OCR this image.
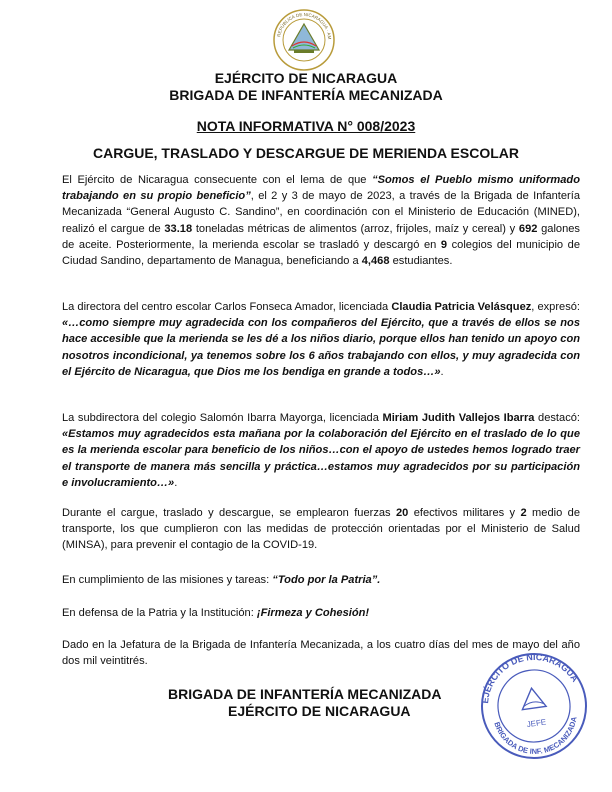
REPÚBLICA DE NICARAGUA · AM
EJÉRCITO DE NICARAGUA
BRIGADA DE INFANTERÍA MECANIZADA
NOTA INFORMATIVA N° 008/2023
CARGUE, TRASLADO Y DESCARGUE DE MERIENDA ESCOLAR

El Ejército de Nicaragua consecuente con el lema de que “Somos el Pueblo mismo uniformado trabajando en su propio beneficio”, el 2 y 3 de mayo de 2023, a través de la Brigada de Infantería Mecanizada “General Augusto C. Sandino”, en coordinación con el Ministerio de Educación (MINED), realizó el cargue de 33.18 toneladas métricas de alimentos (arroz, frijoles, maíz y cereal) y 692 galones de aceite. Posteriormente, la merienda escolar se trasladó y descargó en 9 colegios del municipio de Ciudad Sandino, departamento de Managua, beneficiando a 4,468 estudiantes.

La directora del centro escolar Carlos Fonseca Amador, licenciada Claudia Patricia Velásquez, expresó: «…como siempre muy agradecida con los compañeros del Ejército, que a través de ellos se nos hace accesible que la merienda se les dé a los niños diario, porque ellos han tenido un apoyo con nosotros incondicional, ya tenemos sobre los 6 años trabajando con ellos, y muy agradecida con el Ejército de Nicaragua, que Dios me los bendiga en grande a todos…».

La subdirectora del colegio Salomón Ibarra Mayorga, licenciada Miriam Judith Vallejos Ibarra destacó: «Estamos muy agradecidos esta mañana por la colaboración del Ejército en el traslado de lo que es la merienda escolar para beneficio de los niños…con el apoyo de ustedes hemos logrado traer el transporte de manera más sencilla y práctica…estamos muy agradecidos por su participación e involucramiento…».

Durante el cargue, traslado y descargue, se emplearon fuerzas 20 efectivos militares y 2 medio de transporte, los que cumplieron con las medidas de protección orientadas por el Ministerio de Salud (MINSA), para prevenir el contagio de la COVID-19.

En cumplimiento de las misiones y tareas: “Todo por la Patria”.

En defensa de la Patria y la Institución: ¡Firmeza y Cohesión!

Dado en la Jefatura de la Brigada de Infantería Mecanizada, a los cuatro días del mes de mayo del año dos mil veintitrés.

BRIGADA DE INFANTERÍA MECANIZADA
EJÉRCITO DE NICARAGUA
EJÉRCITO DE NICARAGUA
BRIGADA DE INF. MECANIZADA
JEFE
